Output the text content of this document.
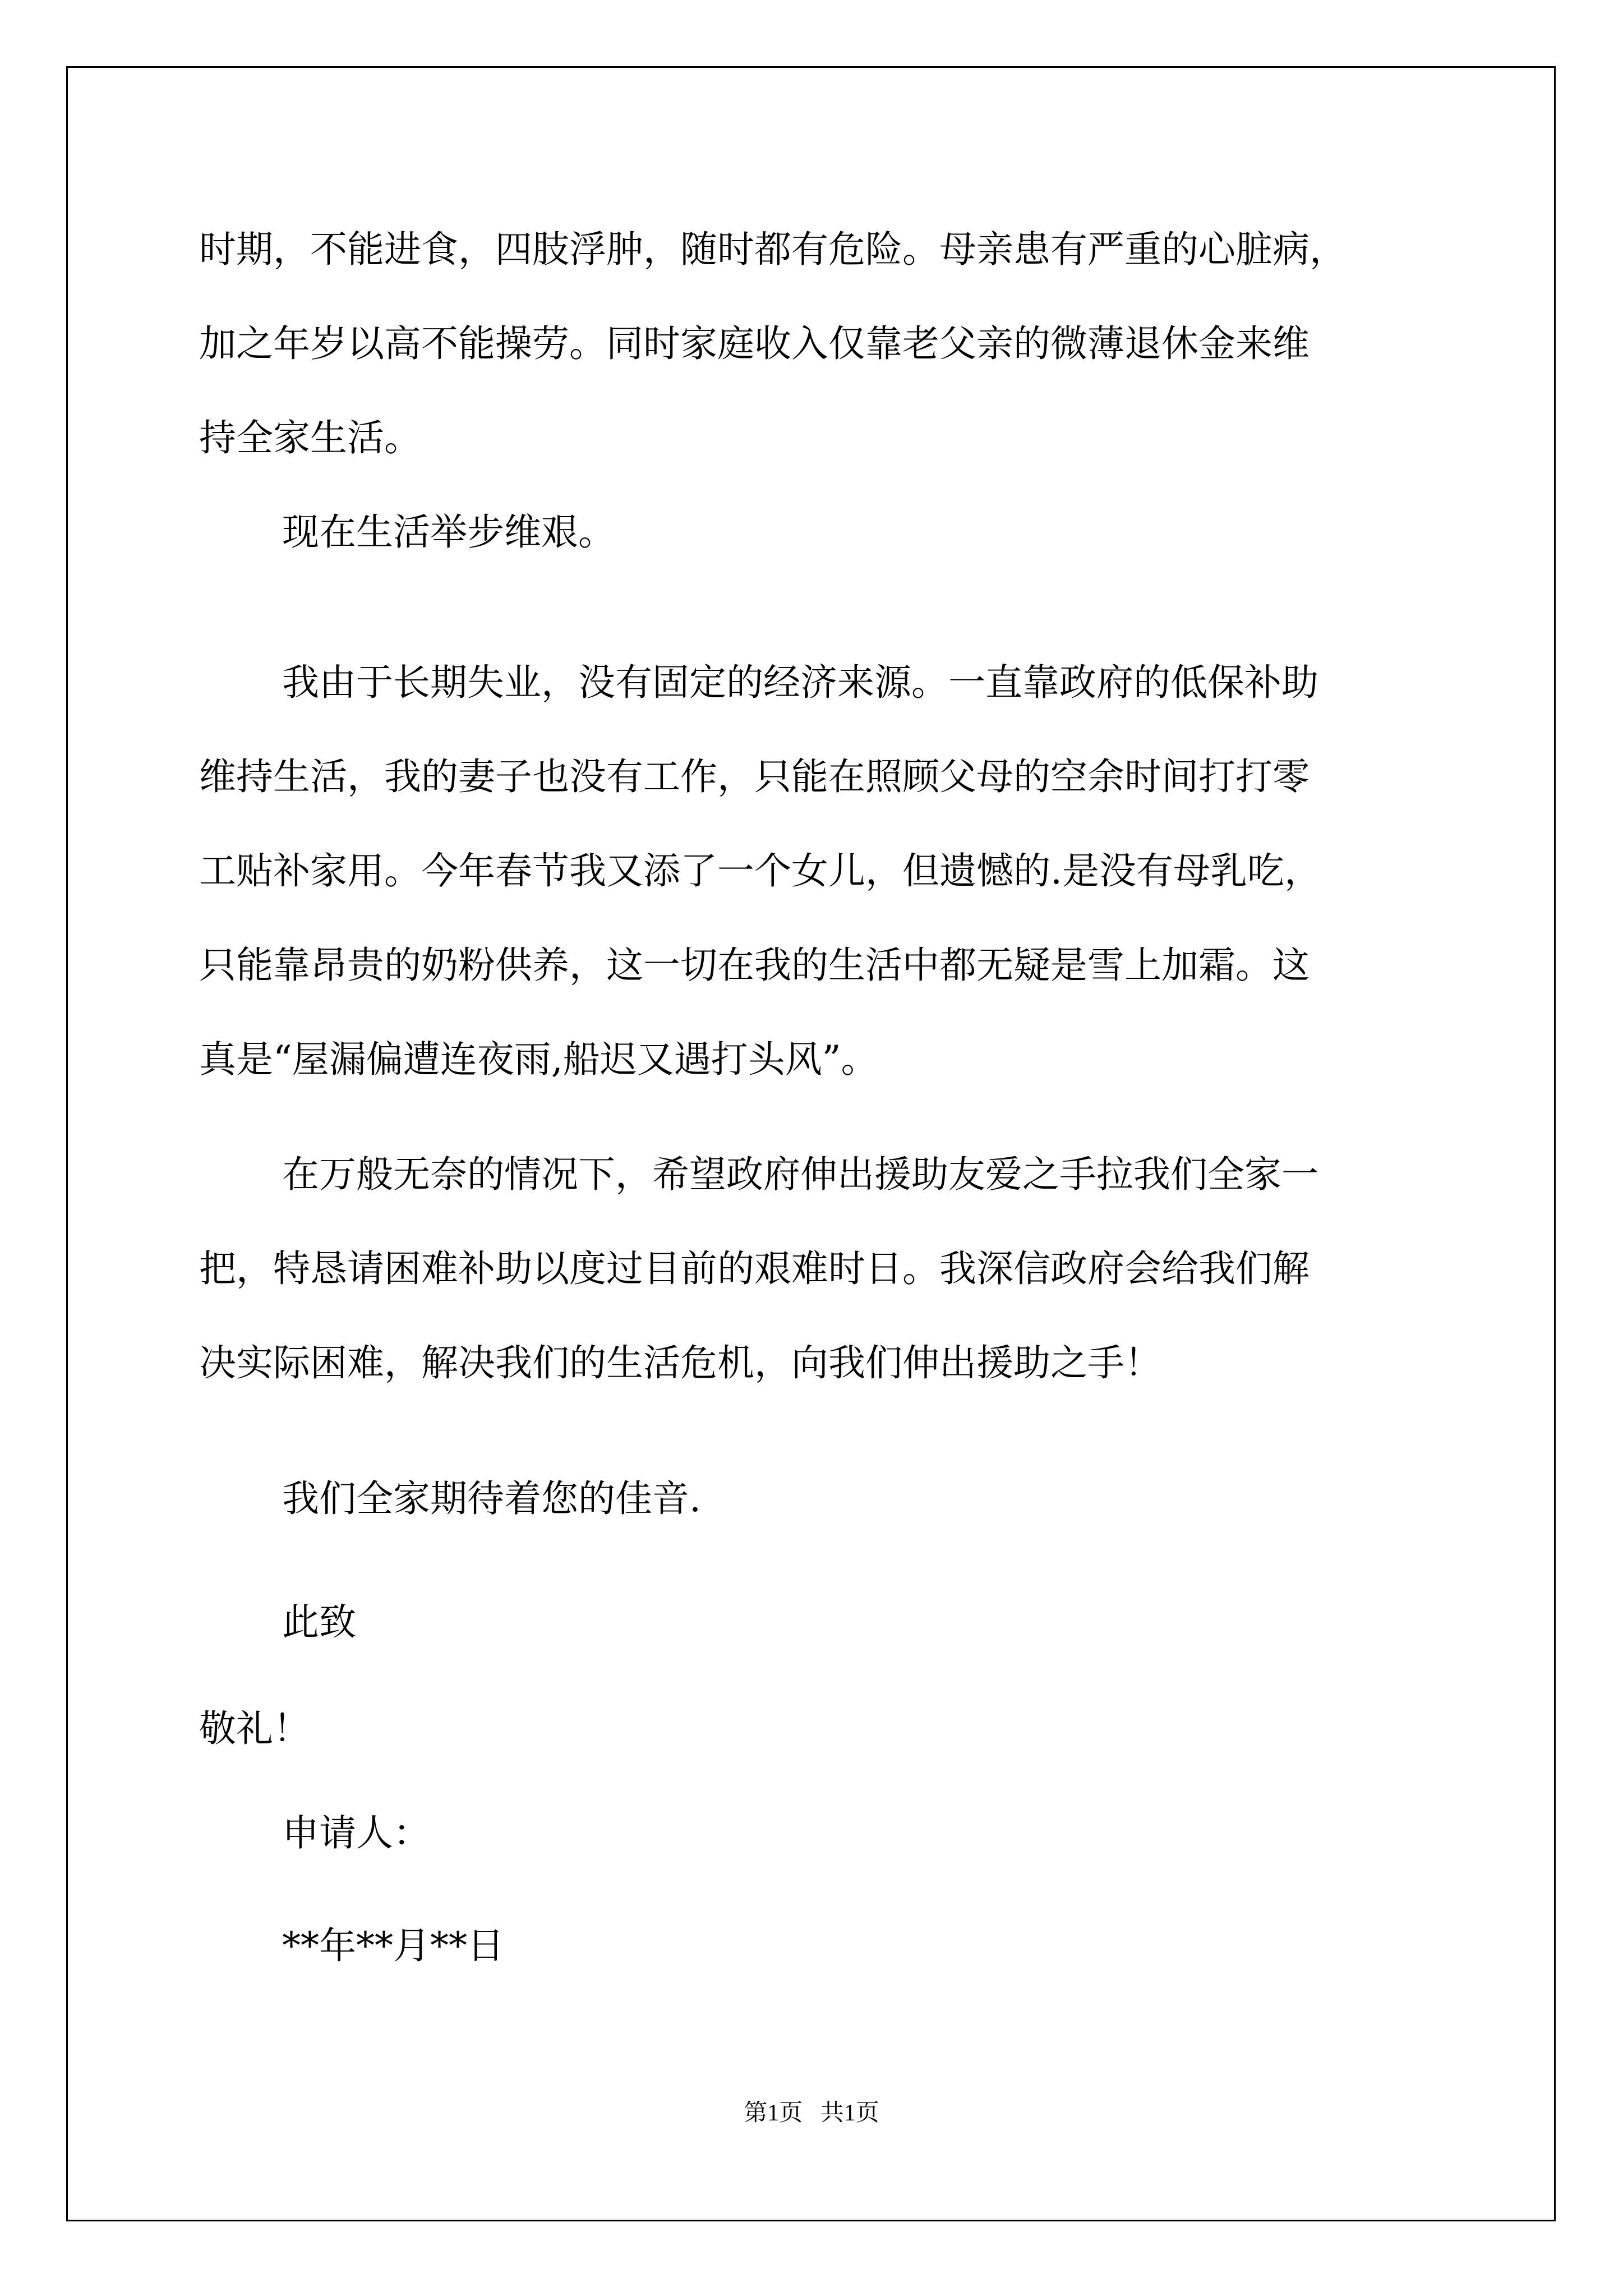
时期，不能进食，四肢浮肿，随时都有危险。母亲患有严重的心脏病，
加之年岁以高不能操劳。同时家庭收入仅靠老父亲的微薄退休金来维
持全家生活。
现在生活举步维艰。
我由于长期失业，没有固定的经济来源。一直靠政府的低保补助
维持生活，我的妻子也没有工作，只能在照顾父母的空余时间打打零
工贴补家用。今年春节我又添了一个女儿，但遗憾的.是没有母乳吃，
只能靠昂贵的奶粉供养，这一切在我的生活中都无疑是雪上加霜。这
真是“屋漏偏遭连夜雨,船迟又遇打头风”。
在万般无奈的情况下，希望政府伸出援助友爱之手拉我们全家一
把，特恳请困难补助以度过目前的艰难时日。我深信政府会给我们解
决实际困难，解决我们的生活危机，向我们伸出援助之手！
我们全家期待着您的佳音.
此致
敬礼！
申请人：
**年**月**日
第1页   共1页
